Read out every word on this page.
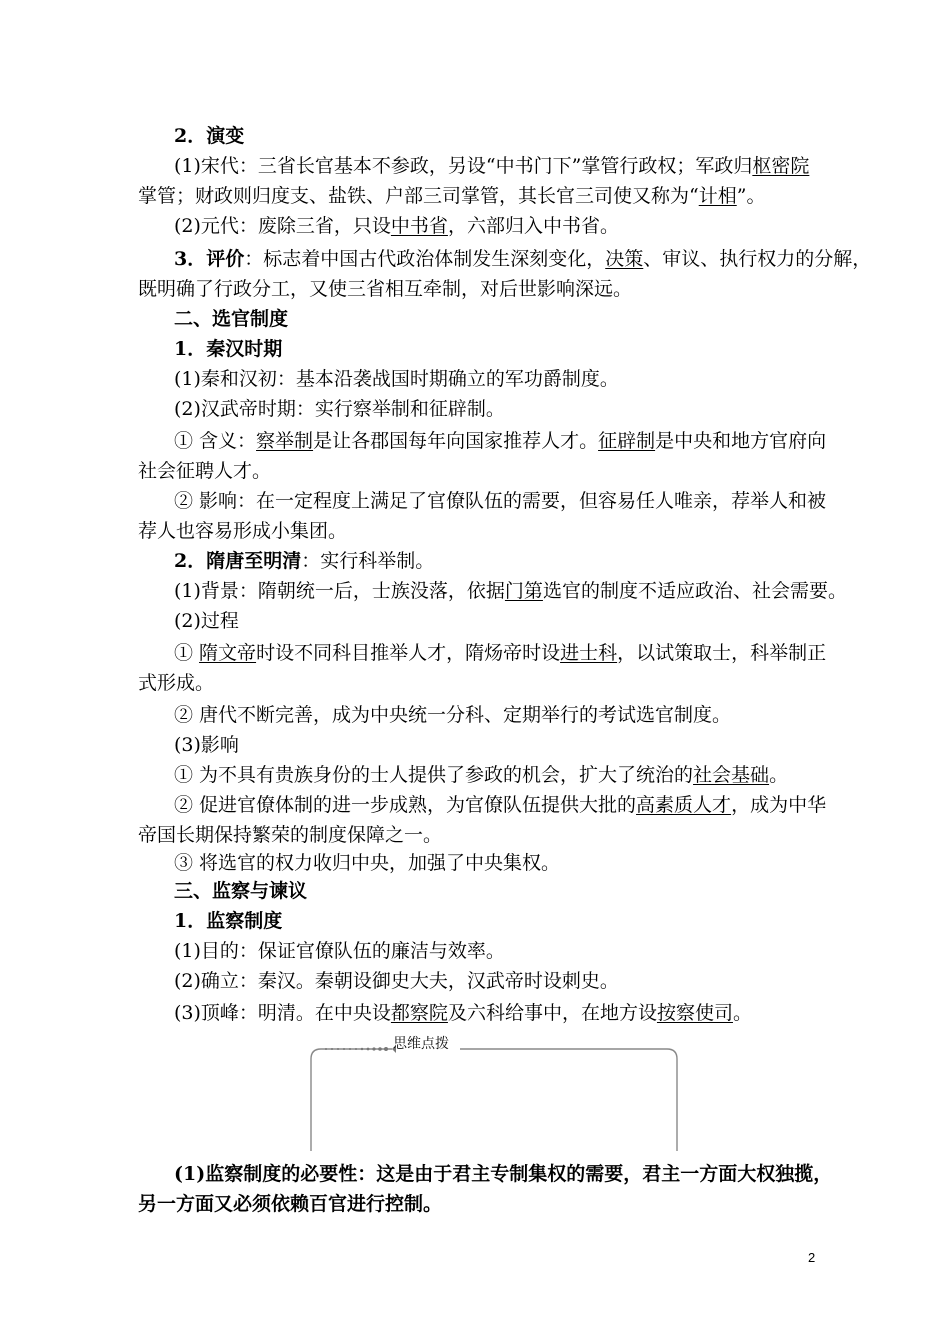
2．演变
(1)宋代：三省长官基本不参政，另设“中书门下”掌管行政权；军政归枢密院
掌管；财政则归度支、盐铁、户部三司掌管，其长官三司使又称为“计相”。
(2)元代：废除三省，只设中书省，六部归入中书省。
3．评价：标志着中国古代政治体制发生深刻变化，决策、审议、执行权力的分解，
既明确了行政分工，又使三省相互牵制，对后世影响深远。
二、选官制度
1．秦汉时期
(1)秦和汉初：基本沿袭战国时期确立的军功爵制度。
(2)汉武帝时期：实行察举制和征辟制。
① 含义：察举制是让各郡国每年向国家推荐人才。征辟制是中央和地方官府向
社会征聘人才。
② 影响：在一定程度上满足了官僚队伍的需要，但容易任人唯亲，荐举人和被
荐人也容易形成小集团。
2．隋唐至明清：实行科举制。
(1)背景：隋朝统一后，士族没落，依据门第选官的制度不适应政治、社会需要。
(2)过程
① 隋文帝时设不同科目推举人才，隋炀帝时设进士科，以试策取士，科举制正
式形成。
② 唐代不断完善，成为中央统一分科、定期举行的考试选官制度。
(3)影响
① 为不具有贵族身份的士人提供了参政的机会，扩大了统治的社会基础。
② 促进官僚体制的进一步成熟，为官僚队伍提供大批的高素质人才，成为中华
帝国长期保持繁荣的制度保障之一。
③ 将选官的权力收归中央，加强了中央集权。
三、监察与谏议
1．监察制度
(1)目的：保证官僚队伍的廉洁与效率。
(2)确立：秦汉。秦朝设御史大夫，汉武帝时设刺史。
(3)顶峰：明清。在中央设都察院及六科给事中，在地方设按察使司。
思维点拨
(1)监察制度的必要性：这是由于君主专制集权的需要，君主一方面大权独揽，
另一方面又必须依赖百官进行控制。
2
